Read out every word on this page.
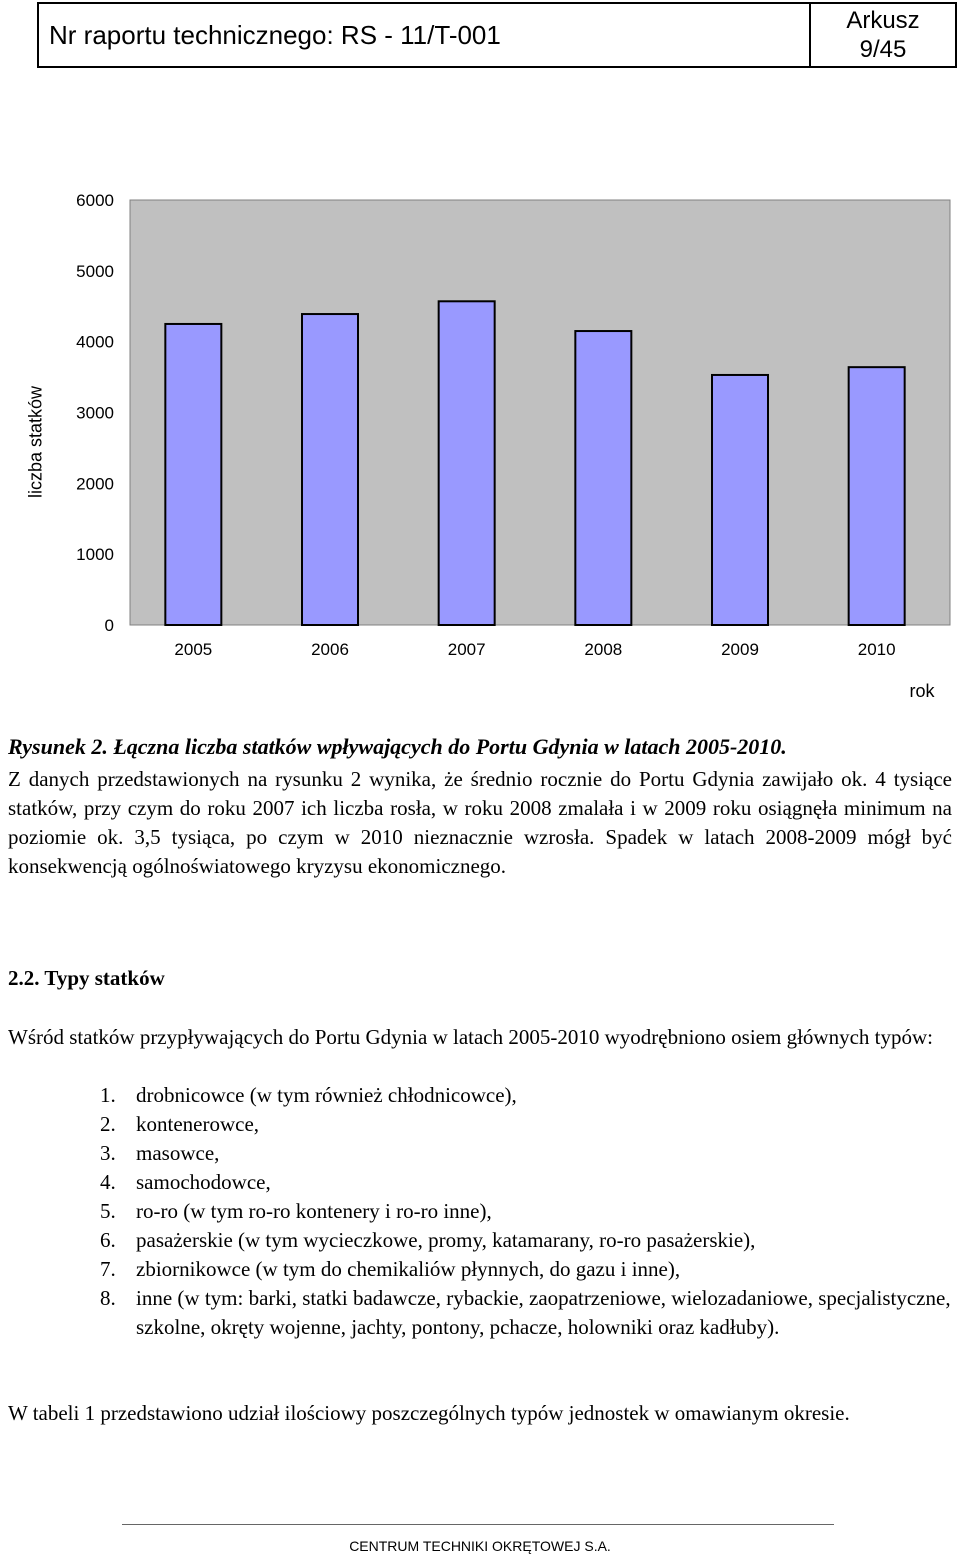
Nr raportu technicznego: RS - 11/T-001	Arkusz
9/45
liczba statków
0
1000
2000
3000
4000
5000
6000
2005	2006	2007	2008	2009	2010
rok
Rysunek 2. Łączna liczba statków wpływających do Portu Gdynia w latach 2005-2010.
Z danych przedstawionych na rysunku 2 wynika, że średnio rocznie do Portu Gdynia zawijało ok. 4 tysiące statków, przy czym do roku 2007 ich liczba rosła, w roku 2008 zmalała i w 2009 roku osiągnęła minimum na poziomie ok. 3,5 tysiąca, po czym w 2010 nieznacznie wzrosła. Spadek w latach 2008-2009 mógł być konsekwencją ogólnoświatowego kryzysu ekonomicznego.
2.2. Typy statków
Wśród statków przypływających do Portu Gdynia w latach 2005-2010 wyodrębniono osiem głównych typów:
1. drobnicowce (w tym również chłodnicowce),
2. kontenerowce,
3. masowce,
4. samochodowce,
5. ro-ro (w tym ro-ro kontenery i ro-ro inne),
6. pasażerskie (w tym wycieczkowe, promy, katamarany, ro-ro pasażerskie),
7. zbiornikowce (w tym do chemikaliów płynnych, do gazu i inne),
8. inne (w tym: barki, statki badawcze, rybackie, zaopatrzeniowe, wielozadaniowe, specjalistyczne, szkolne, okręty wojenne, jachty, pontony, pchacze, holowniki oraz kadłuby).
W tabeli 1 przedstawiono udział ilościowy poszczególnych typów jednostek w omawianym okresie.
CENTRUM TECHNIKI OKRĘTOWEJ S.A.
